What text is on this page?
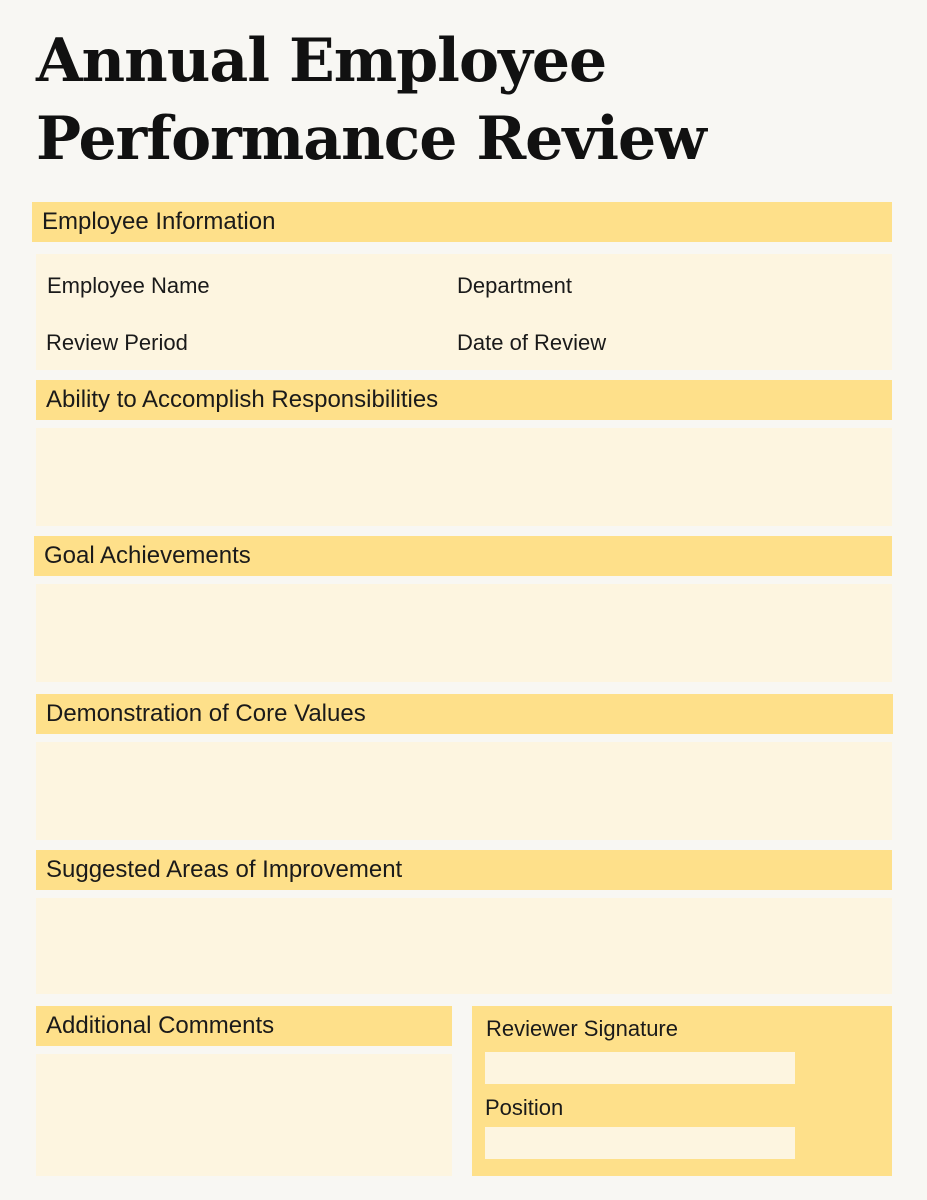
Annual Employee
Performance Review
Employee Information
Employee Name	Department
Review Period	Date of Review
Ability to Accomplish Responsibilities
Goal Achievements
Demonstration of Core Values
Suggested Areas of Improvement
Additional Comments	Reviewer Signature
Position
